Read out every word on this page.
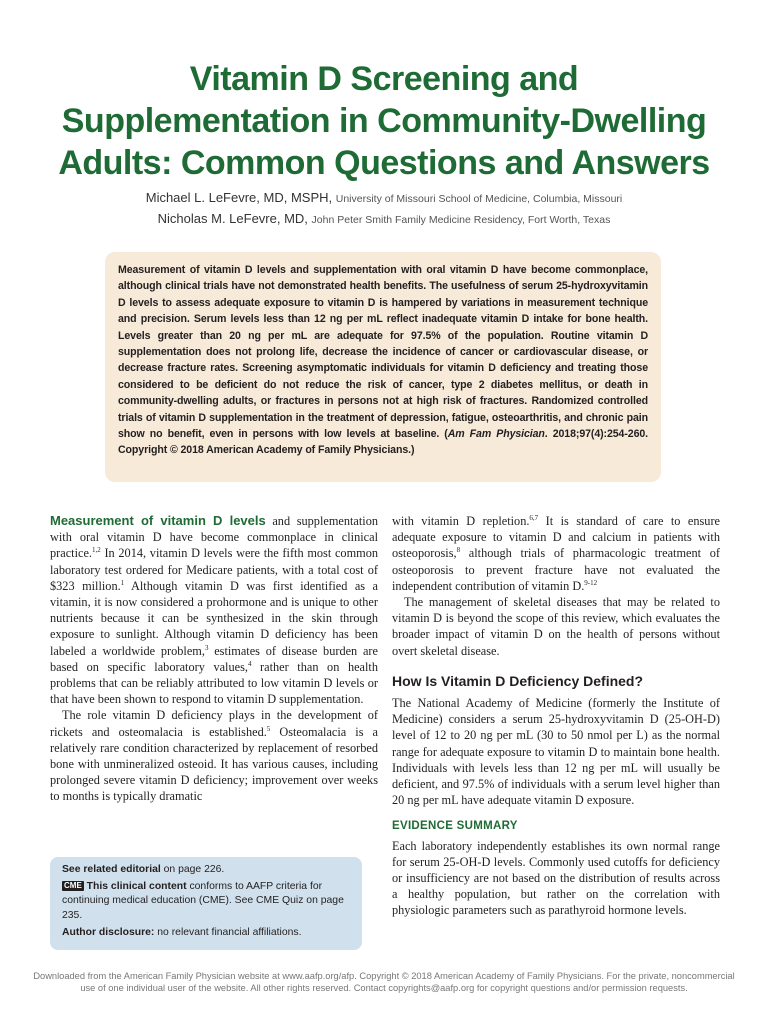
Vitamin D Screening and
Supplementation in Community-Dwelling
Adults: Common Questions and Answers
Michael L. LeFevre, MD, MSPH, University of Missouri School of Medicine, Columbia, Missouri
Nicholas M. LeFevre, MD, John Peter Smith Family Medicine Residency, Fort Worth, Texas
Measurement of vitamin D levels and supplementation with oral vitamin D have become commonplace, although clinical trials have not demonstrated health benefits. The usefulness of serum 25-hydroxyvitamin D levels to assess adequate exposure to vitamin D is hampered by variations in measurement technique and precision. Serum levels less than 12 ng per mL reflect inadequate vitamin D intake for bone health. Levels greater than 20 ng per mL are adequate for 97.5% of the population. Routine vitamin D supplementation does not prolong life, decrease the incidence of cancer or cardiovascular disease, or decrease fracture rates. Screening asymptomatic individuals for vitamin D deficiency and treating those considered to be deficient do not reduce the risk of cancer, type 2 diabetes mellitus, or death in community-dwelling adults, or fractures in persons not at high risk of fractures. Randomized controlled trials of vitamin D supplementation in the treatment of depression, fatigue, osteoarthritis, and chronic pain show no benefit, even in persons with low levels at baseline. (Am Fam Physician. 2018;97(4):254-260. Copyright © 2018 American Academy of Family Physicians.)

Measurement of vitamin D levels and supplementation with oral vitamin D have become commonplace in clinical practice.$^{1,2}$ In 2014, vitamin D levels were the fifth most common laboratory test ordered for Medicare patients, with a total cost of $323 million.$^1$ Although vitamin D was first identified as a vitamin, it is now considered a prohormone and is unique to other nutrients because it can be synthesized in the skin through exposure to sunlight. Although vitamin D deficiency has been labeled a worldwide problem,$^3$ estimates of disease burden are based on specific laboratory values,$^4$ rather than on health problems that can be reliably attributed to low vitamin D levels or that have been shown to respond to vitamin D supplementation.

The role vitamin D deficiency plays in the development of rickets and osteomalacia is established.$^5$ Osteomalacia is a relatively rare condition characterized by replacement of resorbed bone with unmineralized osteoid. It has various causes, including prolonged severe vitamin D deficiency; improvement over weeks to months is typically dramatic

with vitamin D repletion.$^{6,7}$ It is standard of care to ensure adequate exposure to vitamin D and calcium in patients with osteoporosis,$^8$ although trials of pharmacologic treatment of osteoporosis to prevent fracture have not evaluated the independent contribution of vitamin D.$^{9-12}$

The management of skeletal diseases that may be related to vitamin D is beyond the scope of this review, which evaluates the broader impact of vitamin D on the health of persons without overt skeletal disease.

How Is Vitamin D Deficiency Defined?

The National Academy of Medicine (formerly the Institute of Medicine) considers a serum 25-hydroxyvitamin D (25-OH-D) level of 12 to 20 ng per mL (30 to 50 nmol per L) as the normal range for adequate exposure to vitamin D to maintain bone health. Individuals with levels less than 12 ng per mL will usually be deficient, and 97.5% of individuals with a serum level higher than 20 ng per mL have adequate vitamin D exposure.

EVIDENCE SUMMARY

Each laboratory independently establishes its own normal range for serum 25-OH-D levels. Commonly used cutoffs for deficiency or insufficiency are not based on the distribution of results across a healthy population, but rather on the correlation with physiologic parameters such as parathyroid hormone levels.

See related editorial on page 226.

CME This clinical content conforms to AAFP criteria for continuing medical education (CME). See CME Quiz on page 235.

Author disclosure: no relevant financial affiliations.

Downloaded from the American Family Physician website at www.aafp.org/afp. Copyright © 2018 American Academy of Family Physicians. For the private, noncommercial use of one individual user of the website. All other rights reserved. Contact copyrights@aafp.org for copyright questions and/or permission requests.
